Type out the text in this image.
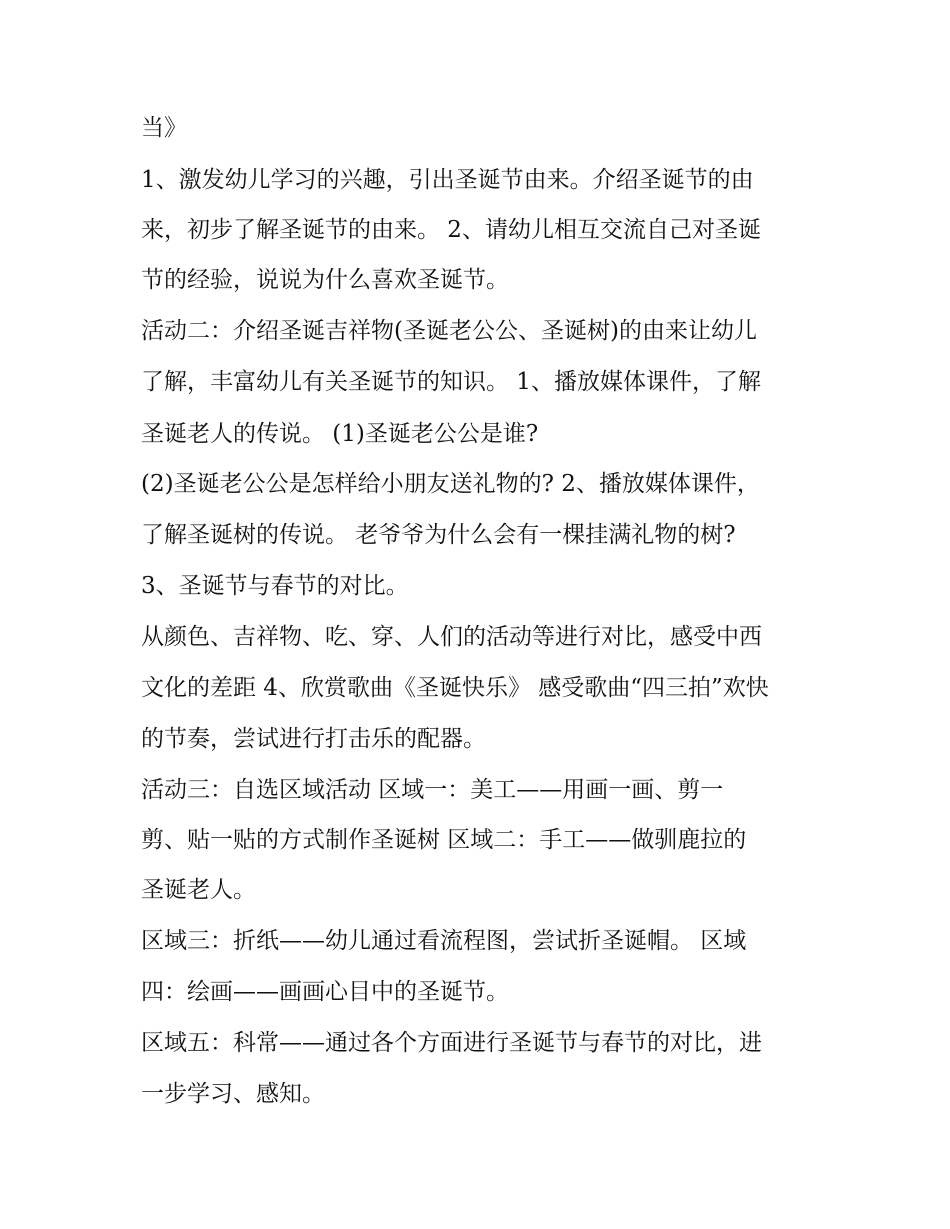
当》

1、激发幼儿学习的兴趣，引出圣诞节由来。介绍圣诞节的由

来，初步了解圣诞节的由来。 2、请幼儿相互交流自己对圣诞

节的经验，说说为什么喜欢圣诞节。

活动二：介绍圣诞吉祥物(圣诞老公公、圣诞树)的由来让幼儿

了解，丰富幼儿有关圣诞节的知识。 1、播放媒体课件，了解

圣诞老人的传说。 (1)圣诞老公公是谁?

(2)圣诞老公公是怎样给小朋友送礼物的? 2、播放媒体课件，

了解圣诞树的传说。 老爷爷为什么会有一棵挂满礼物的树?

3、圣诞节与春节的对比。

从颜色、吉祥物、吃、穿、人们的活动等进行对比，感受中西

文化的差距 4、欣赏歌曲《圣诞快乐》 感受歌曲“四三拍”欢快

的节奏，尝试进行打击乐的配器。

活动三：自选区域活动 区域一：美工——用画一画、剪一

剪、贴一贴的方式制作圣诞树 区域二：手工——做驯鹿拉的

圣诞老人。

区域三：折纸——幼儿通过看流程图，尝试折圣诞帽。 区域

四：绘画——画画心目中的圣诞节。

区域五：科常——通过各个方面进行圣诞节与春节的对比，进

一步学习、感知。
